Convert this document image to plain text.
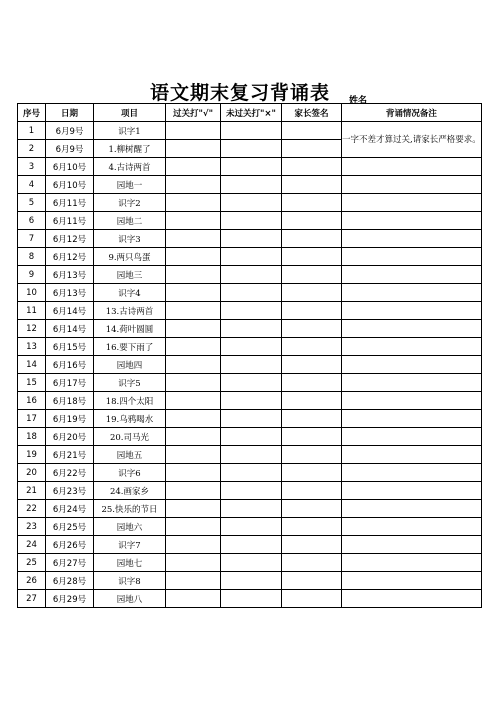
语文期末复习背诵表	姓名
序号	日期	项目	过关打"√"	未过关打"×"	家长签名	背诵情况备注
1	6月9号	识字1				一字不差才算过关,请家长严格要求。
2	6月9号	1.柳树醒了				
3	6月10号	4.古诗两首				
4	6月10号	园地一				
5	6月11号	识字2				
6	6月11号	园地二				
7	6月12号	识字3				
8	6月12号	9.两只鸟蛋				
9	6月13号	园地三				
10	6月13号	识字4				
11	6月14号	13.古诗两首				
12	6月14号	14.荷叶圆圆				
13	6月15号	16.要下雨了				
14	6月16号	园地四				
15	6月17号	识字5				
16	6月18号	18.四个太阳				
17	6月19号	19.乌鸦喝水				
18	6月20号	20.司马光				
19	6月21号	园地五				
20	6月22号	识字6				
21	6月23号	24.画家乡				
22	6月24号	25.快乐的节日				
23	6月25号	园地六				
24	6月26号	识字7				
25	6月27号	园地七				
26	6月28号	识字8				
27	6月29号	园地八				
